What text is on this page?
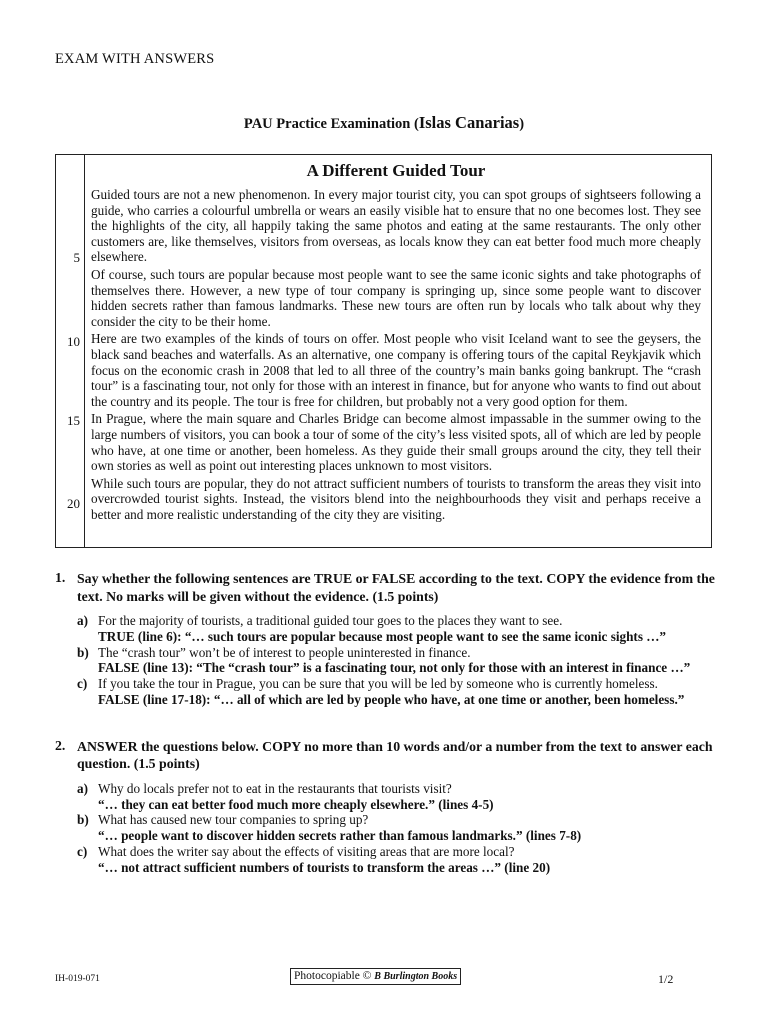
EXAM WITH ANSWERS
PAU Practice Examination (Islas Canarias)
5
10
15
20
A Different Guided Tour

Guided tours are not a new phenomenon. In every major tourist city, you can spot groups of sightseers following a guide, who carries a colourful umbrella or wears an easily visible hat to ensure that no one becomes lost. They see the highlights of the city, all happily taking the same photos and eating at the same restaurants. The only other customers are, like themselves, visitors from overseas, as locals know they can eat better food much more cheaply elsewhere.

Of course, such tours are popular because most people want to see the same iconic sights and take photographs of themselves there. However, a new type of tour company is springing up, since some people want to discover hidden secrets rather than famous landmarks. These new tours are often run by locals who talk about why they consider the city to be their home.

Here are two examples of the kinds of tours on offer. Most people who visit Iceland want to see the geysers, the black sand beaches and waterfalls. As an alternative, one company is offering tours of the capital Reykjavik which focus on the economic crash in 2008 that led to all three of the country’s main banks going bankrupt. The “crash tour” is a fascinating tour, not only for those with an interest in finance, but for anyone who wants to find out about the country and its people. The tour is free for children, but probably not a very good option for them.

In Prague, where the main square and Charles Bridge can become almost impassable in the summer owing to the large numbers of visitors, you can book a tour of some of the city’s less visited spots, all of which are led by people who have, at one time or another, been homeless. As they guide their small groups around the city, they tell their own stories as well as point out interesting places unknown to most visitors.

While such tours are popular, they do not attract sufficient numbers of tourists to transform the areas they visit into overcrowded tourist sights. Instead, the visitors blend into the neighbourhoods they visit and perhaps receive a better and more realistic understanding of the city they are visiting.

1. Say whether the following sentences are TRUE or FALSE according to the text. COPY the evidence from the text. No marks will be given without the evidence. (1.5 points)
a) For the majority of tourists, a traditional guided tour goes to the places they want to see.
TRUE (line 6): “… such tours are popular because most people want to see the same iconic sights …”
b) The “crash tour” won’t be of interest to people uninterested in finance.
FALSE (line 13): “The “crash tour” is a fascinating tour, not only for those with an interest in finance …”
c) If you take the tour in Prague, you can be sure that you will be led by someone who is currently homeless.
FALSE (line 17-18): “… all of which are led by people who have, at one time or another, been homeless.”
2. ANSWER the questions below. COPY no more than 10 words and/or a number from the text to answer each question. (1.5 points)
a) Why do locals prefer not to eat in the restaurants that tourists visit?
“… they can eat better food much more cheaply elsewhere.” (lines 4-5)
b) What has caused new tour companies to spring up?
“… people want to discover hidden secrets rather than famous landmarks.” (lines 7-8)
c) What does the writer say about the effects of visiting areas that are more local?
“… not attract sufficient numbers of tourists to transform the areas …” (line 20)
IH-019-071	Photocopiable © B Burlington Books	1/2
